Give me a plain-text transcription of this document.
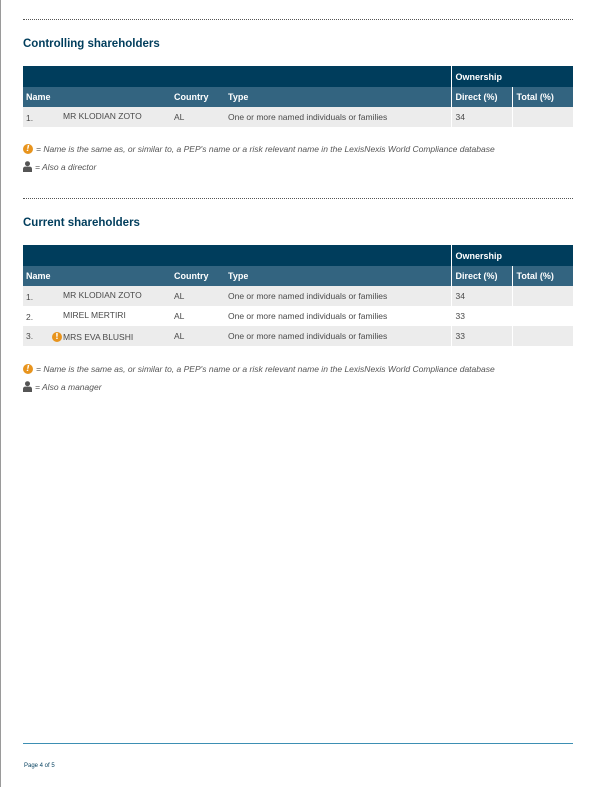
Controlling shareholders
			Ownership	
Name	Country	Type	Direct (%)	Total (%)
1. MR KLODIAN ZOTO	AL	One or more named individuals or families	34	
! = Name is the same as, or similar to, a PEP's name or a risk relevant name in the LexisNexis World Compliance database
= Also a director
Current shareholders
			Ownership	
Name	Country	Type	Direct (%)	Total (%)
1. MR KLODIAN ZOTO	AL	One or more named individuals or families	34	
2. MIREL MERTIRI	AL	One or more named individuals or families	33	
3. ! MRS EVA BLUSHI	AL	One or more named individuals or families	33	
! = Name is the same as, or similar to, a PEP's name or a risk relevant name in the LexisNexis World Compliance database
= Also a manager
Page 4 of 5
